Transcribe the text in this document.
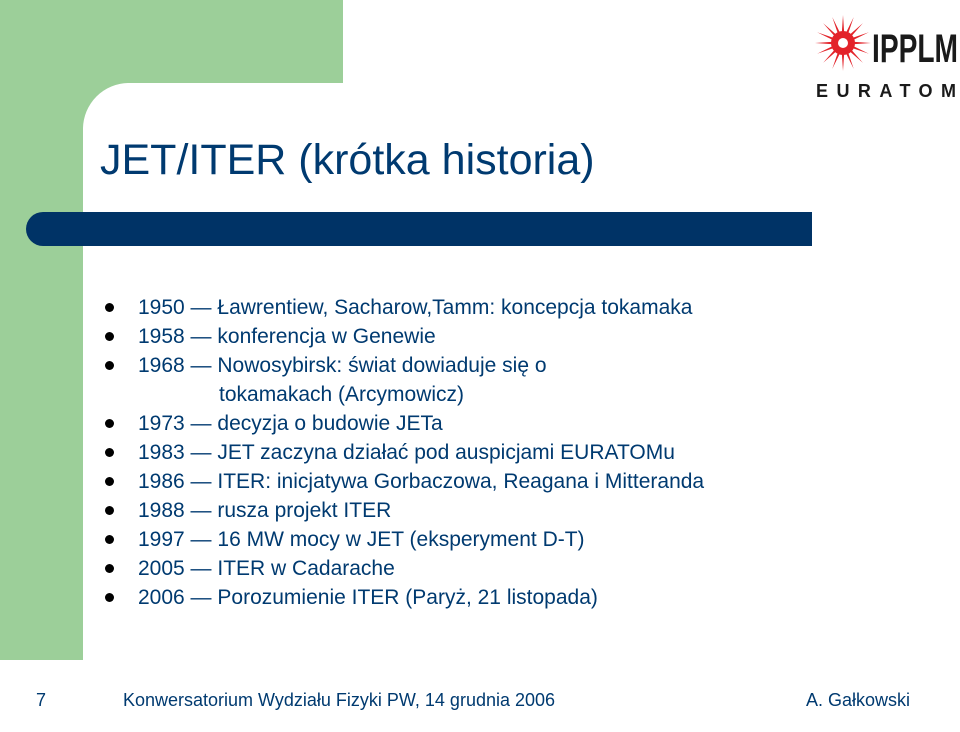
IPPLM
EURATOM
JET/ITER (krótka historia)
1950 — Ławrentiew, Sacharow,Tamm: koncepcja tokamaka
1958 — konferencja w Genewie
1968 — Nowosybirsk: świat dowiaduje się o
tokamakach (Arcymowicz)
1973 — decyzja o budowie JETa
1983 — JET zaczyna działać pod auspicjami EURATOMu
1986 — ITER: inicjatywa Gorbaczowa, Reagana i Mitteranda
1988 — rusza projekt ITER
1997 — 16 MW mocy w JET (eksperyment D-T)
2005 — ITER w Cadarache
2006 — Porozumienie ITER (Paryż, 21 listopada)
7	Konwersatorium Wydziału Fizyki PW, 14 grudnia 2006	A. Gałkowski
